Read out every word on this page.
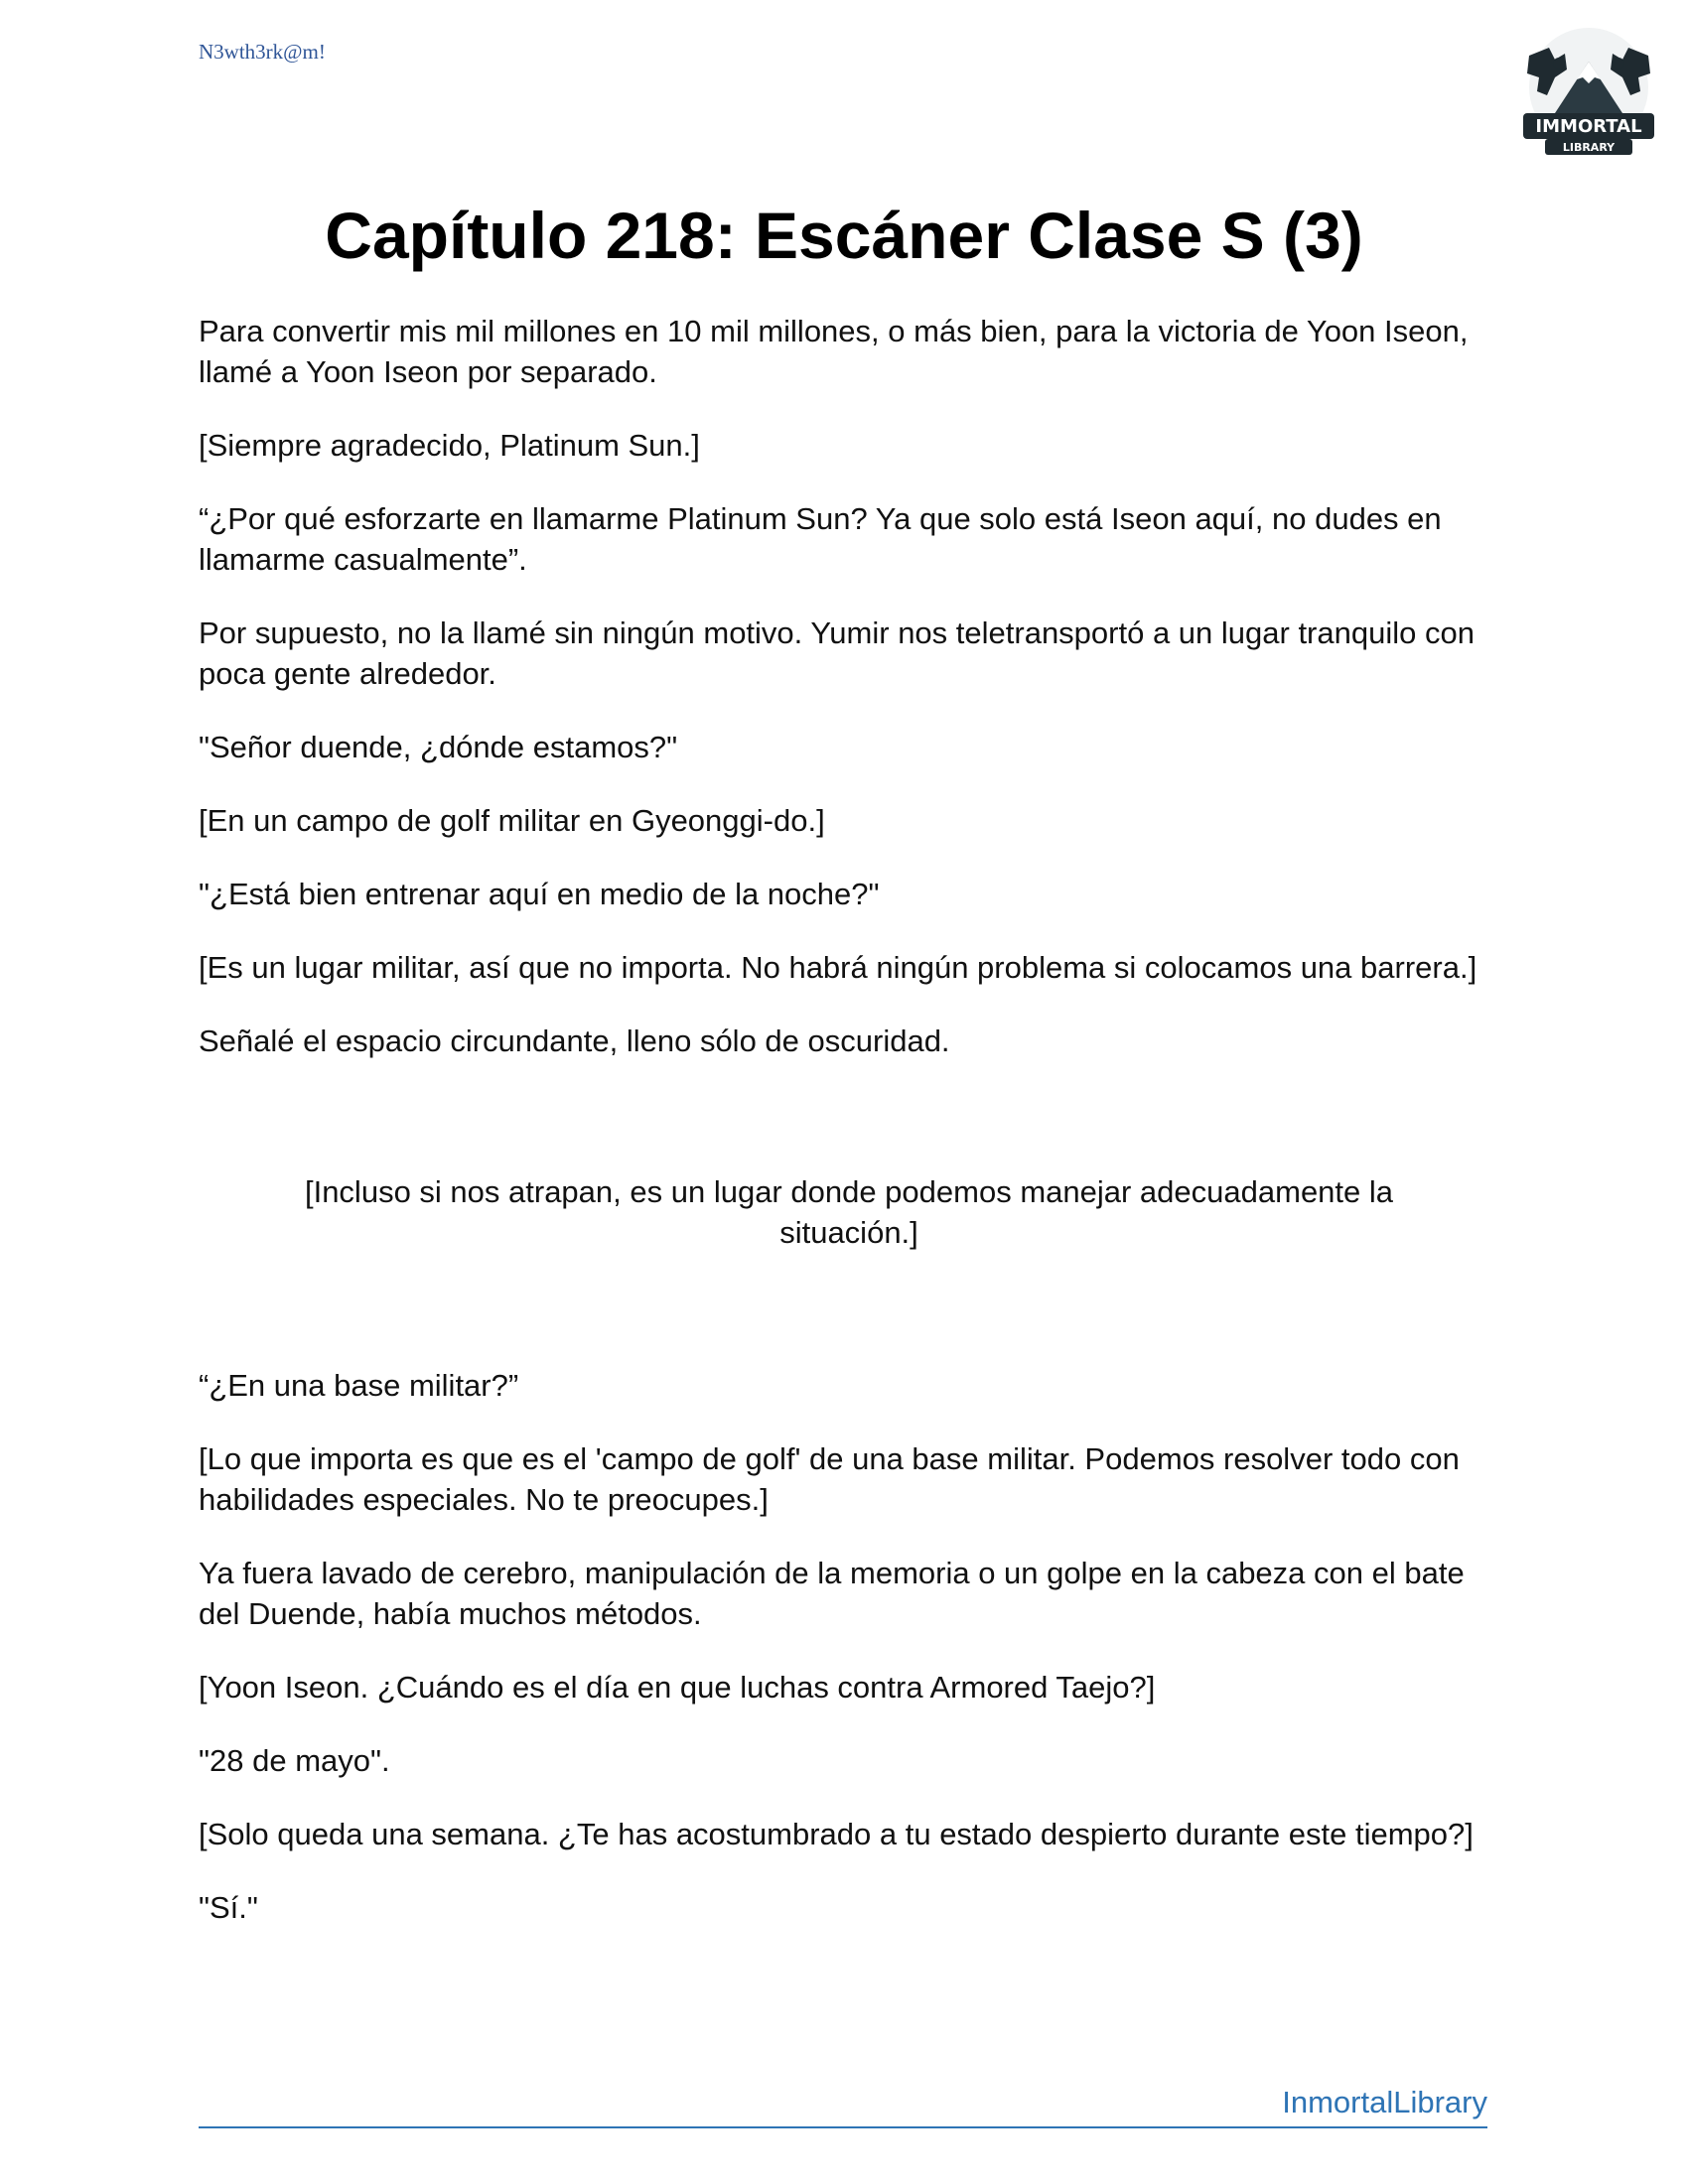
N3wth3rk@m!
IMMORTAL
LIBRARY
Capítulo 218: Escáner Clase S (3)

Para convertir mis mil millones en 10 mil millones, o más bien, para la victoria de Yoon Iseon, llamé a Yoon Iseon por separado.

[Siempre agradecido, Platinum Sun.]

“¿Por qué esforzarte en llamarme Platinum Sun? Ya que solo está Iseon aquí, no dudes en llamarme casualmente”.

Por supuesto, no la llamé sin ningún motivo. Yumir nos teletransportó a un lugar tranquilo con poca gente alrededor.

"Señor duende, ¿dónde estamos?"

[En un campo de golf militar en Gyeonggi-do.]

"¿Está bien entrenar aquí en medio de la noche?"

[Es un lugar militar, así que no importa. No habrá ningún problema si colocamos una barrera.]

Señalé el espacio circundante, lleno sólo de oscuridad.

[Incluso si nos atrapan, es un lugar donde podemos manejar adecuadamente la situación.]

“¿En una base militar?”

[Lo que importa es que es el 'campo de golf' de una base militar. Podemos resolver todo con habilidades especiales. No te preocupes.]

Ya fuera lavado de cerebro, manipulación de la memoria o un golpe en la cabeza con el bate del Duende, había muchos métodos.

[Yoon Iseon. ¿Cuándo es el día en que luchas contra Armored Taejo?]

"28 de mayo".

[Solo queda una semana. ¿Te has acostumbrado a tu estado despierto durante este tiempo?]

"Sí."

InmortalLibrary
